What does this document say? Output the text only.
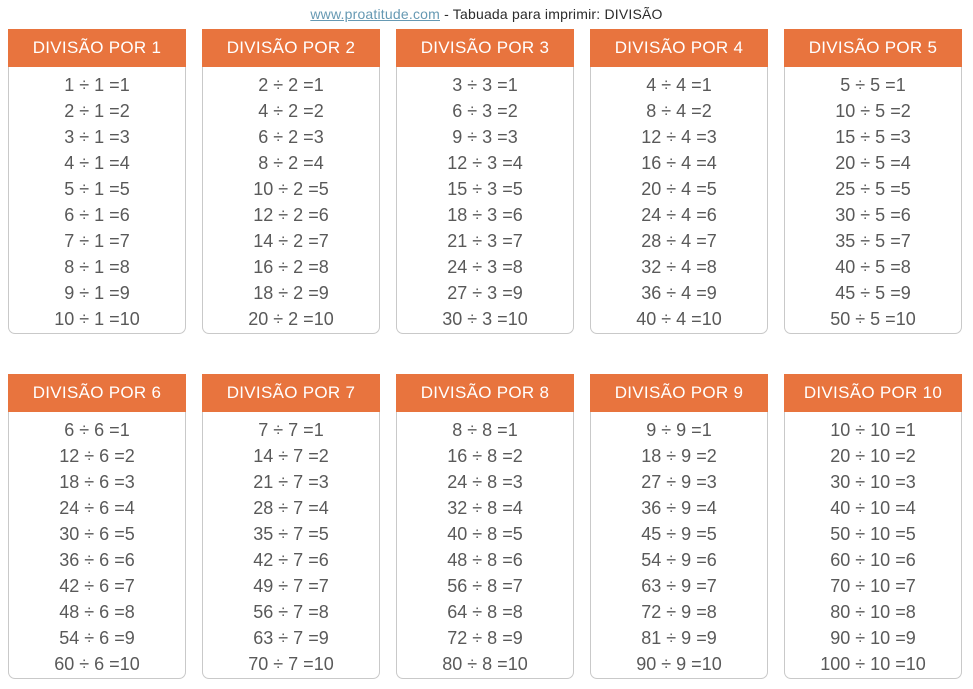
www.proatitude.com - Tabuada para imprimir: DIVISÃO
DIVISÃO POR 1
1 ÷ 1 =1
2 ÷ 1 =2
3 ÷ 1 =3
4 ÷ 1 =4
5 ÷ 1 =5
6 ÷ 1 =6
7 ÷ 1 =7
8 ÷ 1 =8
9 ÷ 1 =9
10 ÷ 1 =10
DIVISÃO POR 2
2 ÷ 2 =1
4 ÷ 2 =2
6 ÷ 2 =3
8 ÷ 2 =4
10 ÷ 2 =5
12 ÷ 2 =6
14 ÷ 2 =7
16 ÷ 2 =8
18 ÷ 2 =9
20 ÷ 2 =10
DIVISÃO POR 3
3 ÷ 3 =1
6 ÷ 3 =2
9 ÷ 3 =3
12 ÷ 3 =4
15 ÷ 3 =5
18 ÷ 3 =6
21 ÷ 3 =7
24 ÷ 3 =8
27 ÷ 3 =9
30 ÷ 3 =10
DIVISÃO POR 4
4 ÷ 4 =1
8 ÷ 4 =2
12 ÷ 4 =3
16 ÷ 4 =4
20 ÷ 4 =5
24 ÷ 4 =6
28 ÷ 4 =7
32 ÷ 4 =8
36 ÷ 4 =9
40 ÷ 4 =10
DIVISÃO POR 5
5 ÷ 5 =1
10 ÷ 5 =2
15 ÷ 5 =3
20 ÷ 5 =4
25 ÷ 5 =5
30 ÷ 5 =6
35 ÷ 5 =7
40 ÷ 5 =8
45 ÷ 5 =9
50 ÷ 5 =10
DIVISÃO POR 6
6 ÷ 6 =1
12 ÷ 6 =2
18 ÷ 6 =3
24 ÷ 6 =4
30 ÷ 6 =5
36 ÷ 6 =6
42 ÷ 6 =7
48 ÷ 6 =8
54 ÷ 6 =9
60 ÷ 6 =10
DIVISÃO POR 7
7 ÷ 7 =1
14 ÷ 7 =2
21 ÷ 7 =3
28 ÷ 7 =4
35 ÷ 7 =5
42 ÷ 7 =6
49 ÷ 7 =7
56 ÷ 7 =8
63 ÷ 7 =9
70 ÷ 7 =10
DIVISÃO POR 8
8 ÷ 8 =1
16 ÷ 8 =2
24 ÷ 8 =3
32 ÷ 8 =4
40 ÷ 8 =5
48 ÷ 8 =6
56 ÷ 8 =7
64 ÷ 8 =8
72 ÷ 8 =9
80 ÷ 8 =10
DIVISÃO POR 9
9 ÷ 9 =1
18 ÷ 9 =2
27 ÷ 9 =3
36 ÷ 9 =4
45 ÷ 9 =5
54 ÷ 9 =6
63 ÷ 9 =7
72 ÷ 9 =8
81 ÷ 9 =9
90 ÷ 9 =10
DIVISÃO POR 10
10 ÷ 10 =1
20 ÷ 10 =2
30 ÷ 10 =3
40 ÷ 10 =4
50 ÷ 10 =5
60 ÷ 10 =6
70 ÷ 10 =7
80 ÷ 10 =8
90 ÷ 10 =9
100 ÷ 10 =10
